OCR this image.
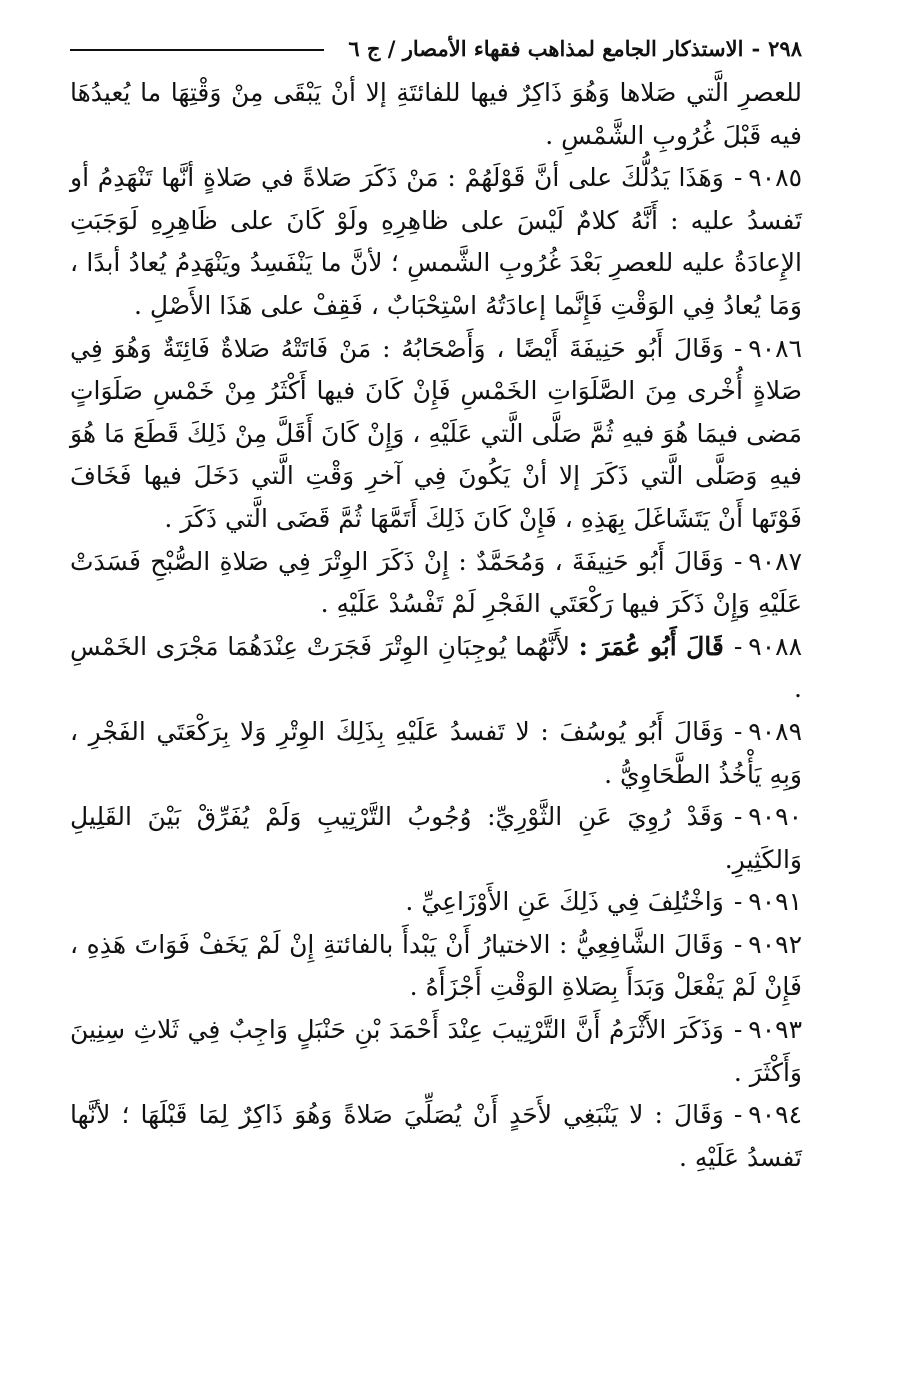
٢٩٨
-
الاستذكار الجامع لمذاهب فقهاء الأمصار / ج ٦

للعصرِ الَّتي صَلاها وَهُوَ ذَاكِرٌ فيها للفائتَةِ إلا أنْ يَبْقَى مِنْ وَقْتِهَا ما يُعيدُهَا فيه قَبْلَ غُرُوبِ الشَّمْسِ .

٩٠٨٥-وَهَذَا يَدُلُّكَ على أنَّ قَوْلَهُمْ : مَنْ ذَكَرَ صَلاةً في صَلاةٍ أنَّها تَنْهَدِمُ أو تَفسدُ عليه : أَنَّهُ كلامٌ لَيْسَ على ظاهِرِهِ ولَوْ كَانَ على ظَاهِرِهِ لَوَجَبَتِ الإِعادَةُ عليه للعصرِ بَعْدَ غُرُوبِ الشَّمسِ ؛ لأنَّ ما يَنْفَسِدُ ويَنْهَدِمُ يُعادُ أبدًا ، وَمَا يُعادُ فِي الوَقْتِ فَإِنَّما إعادَتُهُ اسْتِحْبَابٌ ، فَقِفْ على هَذَا الأَصْلِ .

٩٠٨٦-وَقَالَ أَبُو حَنِيفَةَ أَيْضًا ، وَأَصْحَابُهُ : مَنْ فَاتَتْهُ صَلاةٌ فَائِتَةٌ وَهُوَ فِي صَلاةٍ أُخْرى مِنَ الصَّلَوَاتِ الخَمْسِ فَإِنْ كَانَ فيها أَكْثَرُ مِنْ خَمْسِ صَلَوَاتٍ مَضى فيمَا هُوَ فيهِ ثُمَّ صَلَّى الَّتي عَلَيْهِ ، وَإِنْ كَانَ أَقَلَّ مِنْ ذَلِكَ قَطَعَ مَا هُوَ فيهِ وَصَلَّى الَّتي ذَكَرَ إلا أنْ يَكُونَ فِي آخرِ وَقْتِ الَّتي دَخَلَ فيها فَخَافَ فَوْتَها أَنْ يَتَشَاغَلَ بِهَذِهِ ، فَإِنْ كَانَ ذَلِكَ أَتَمَّهَا ثُمَّ قَضَى الَّتي ذَكَرَ .

٩٠٨٧-وَقَالَ أَبُو حَنِيفَةَ ، وَمُحَمَّدٌ : إِنْ ذَكَرَ الوِتْرَ فِي صَلاةِ الصُّبْحِ فَسَدَتْ عَلَيْهِ وَإِنْ ذَكَرَ فيها رَكْعَتَي الفَجْرِ لَمْ تَفْسُدْ عَلَيْهِ .

٩٠٨٨-قَالَ أَبُو عُمَرَ : لأَنَّهُما يُوجِبَانِ الوِتْرَ فَجَرَتْ عِنْدَهُمَا مَجْرَى الخَمْسِ .

٩٠٨٩-وَقَالَ أَبُو يُوسُفَ : لا تَفسدُ عَلَيْهِ بِذَلِكَ الوِتْرِ وَلا بِرَكْعَتَي الفَجْرِ ، وَبِهِ يَأْخُذُ الطَّحَاوِيُّ .

٩٠٩٠-وَقَدْ رُوِيَ عَنِ الثَّوْرِيِّ: وُجُوبُ التَّرْتِيبِ وَلَمْ يُفَرِّقْ بَيْنَ القَلِيلِ وَالكَثِيرِ.

٩٠٩١-وَاخْتُلِفَ فِي ذَلِكَ عَنِ الأَوْزَاعِيِّ .

٩٠٩٢-وَقَالَ الشَّافِعِيُّ : الاختيارُ أَنْ يَبْدأَ بالفائتةِ إِنْ لَمْ يَخَفْ فَوَاتَ هَذِهِ ، فَإِنْ لَمْ يَفْعَلْ وَبَدَأَ بِصَلاةِ الوَقْتِ أَجْزَأَهُ .

٩٠٩٣-وَذَكَرَ الأَثْرَمُ أَنَّ التَّرْتِيبَ عِنْدَ أَحْمَدَ بْنِ حَنْبَلٍ وَاجِبٌ فِي ثَلاثِ سِنِينَ وَأَكْثَرَ .

٩٠٩٤-وَقَالَ : لا يَنْبَغِي لأَحَدٍ أَنْ يُصَلِّيَ صَلاةً وَهُوَ ذَاكِرٌ لِمَا قَبْلَهَا ؛ لأنَّها تَفسدُ عَلَيْهِ .
